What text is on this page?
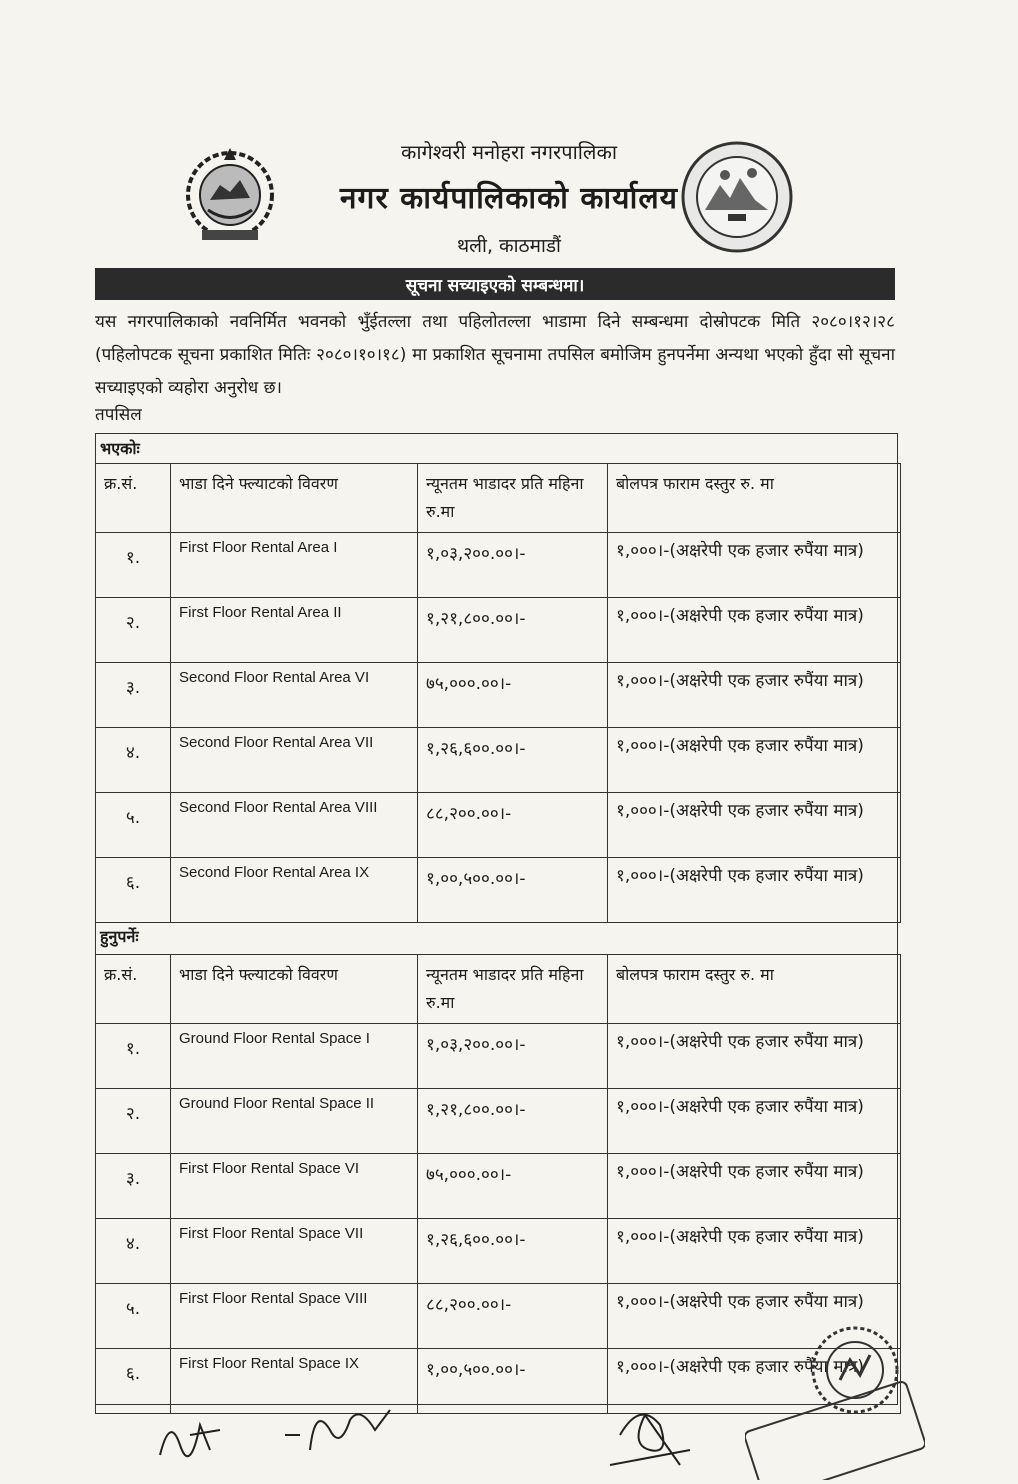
कागेश्वरी मनोहरा नगरपालिका
नगर कार्यपालिकाको कार्यालय
थली, काठमाडौं
सूचना सच्याइएको सम्बन्धमा।
यस नगरपालिकाको नवनिर्मित भवनको भुँईतल्ला तथा पहिलोतल्ला भाडामा दिने सम्बन्धमा दोस्रोपटक मिति २०८०।१२।२८ (पहिलोपटक सूचना प्रकाशित मितिः २०८०।१०।१८) मा प्रकाशित सूचनामा तपसिल बमोजिम हुनपर्नेमा अन्यथा भएको हुँदा सो सूचना सच्याइएको व्यहोरा अनुरोध छ।
तपसिल
भएकोः
क्र.सं.	भाडा दिने फ्ल्याटको विवरण	न्यूनतम भाडादर प्रति महिना रु.मा	बोलपत्र फाराम दस्तुर रु. मा
१.	First Floor Rental Area I	१,०३,२००.००।-	१,०००।-(अक्षरेपी एक हजार रुपैंया मात्र)
२.	First Floor Rental Area II	१,२१,८००.००।-	१,०००।-(अक्षरेपी एक हजार रुपैंया मात्र)
३.	Second Floor Rental Area VI	७५,०००.००।-	१,०००।-(अक्षरेपी एक हजार रुपैंया मात्र)
४.	Second Floor Rental Area VII	१,२६,६००.००।-	१,०००।-(अक्षरेपी एक हजार रुपैंया मात्र)
५.	Second Floor Rental Area VIII	८८,२००.००।-	१,०००।-(अक्षरेपी एक हजार रुपैंया मात्र)
६.	Second Floor Rental Area IX	१,००,५००.००।-	१,०००।-(अक्षरेपी एक हजार रुपैंया मात्र)
हुनुपर्नेः
क्र.सं.	भाडा दिने फ्ल्याटको विवरण	न्यूनतम भाडादर प्रति महिना रु.मा	बोलपत्र फाराम दस्तुर रु. मा
१.	Ground Floor Rental Space I	१,०३,२००.००।-	१,०००।-(अक्षरेपी एक हजार रुपैंया मात्र)
२.	Ground Floor Rental Space II	१,२१,८००.००।-	१,०००।-(अक्षरेपी एक हजार रुपैंया मात्र)
३.	First Floor Rental Space VI	७५,०००.००।-	१,०००।-(अक्षरेपी एक हजार रुपैंया मात्र)
४.	First Floor Rental Space VII	१,२६,६००.००।-	१,०००।-(अक्षरेपी एक हजार रुपैंया मात्र)
५.	First Floor Rental Space VIII	८८,२००.००।-	१,०००।-(अक्षरेपी एक हजार रुपैंया मात्र)
६.	First Floor Rental Space IX	१,००,५००.००।-	१,०००।-(अक्षरेपी एक हजार रुपैंया मात्र)
